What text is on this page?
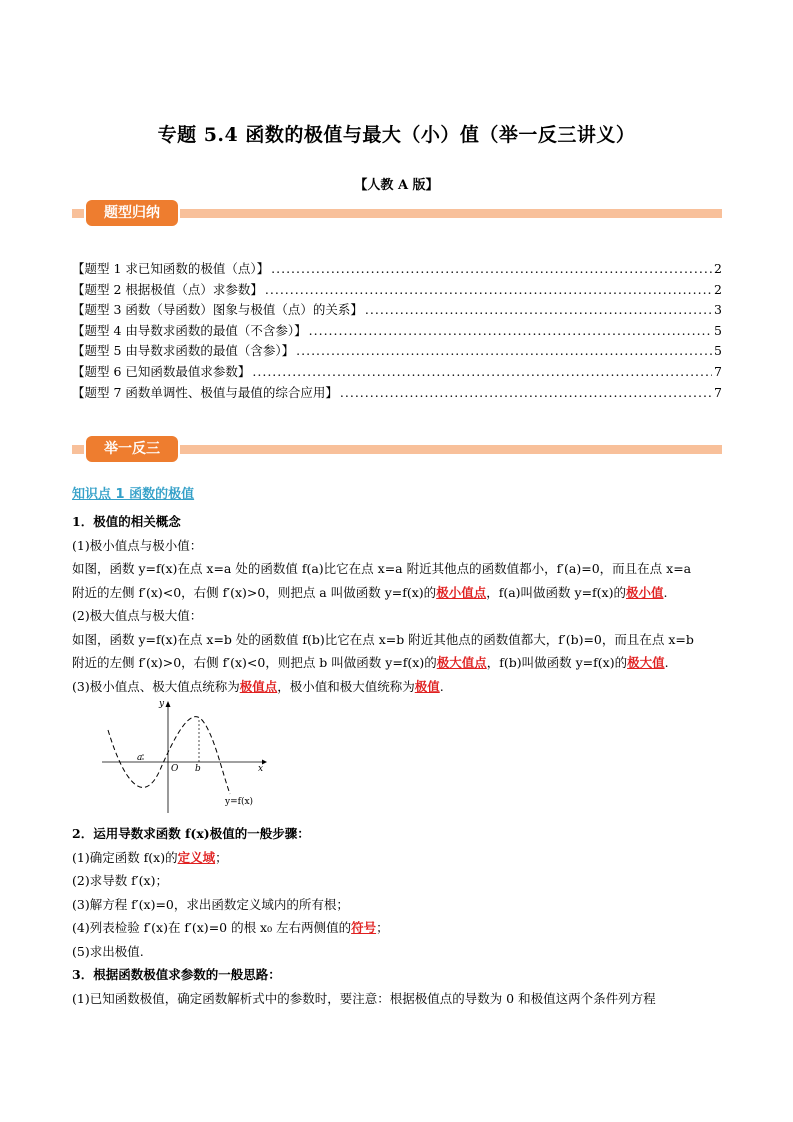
专题 5.4 函数的极值与最大（小）值（举一反三讲义）
【人教 A 版】
题型归纳
【题型 1 求已知函数的极值（点）】 .....	2
【题型 2 根据极值（点）求参数】 .....	2
【题型 3 函数（导函数）图象与极值（点）的关系】 .....	3
【题型 4 由导数求函数的最值（不含参）】 .....	5
【题型 5 由导数求函数的最值（含参）】 .....	5
【题型 6 已知函数最值求参数】 .....	7
【题型 7 函数单调性、极值与最值的综合应用】 .....	7
举一反三
知识点 1 函数的极值

1．极值的相关概念

(1)极小值点与极小值：

如图，函数 y=f(x)在点 x=a 处的函数值 f(a)比它在点 x=a 附近其他点的函数值都小，f′(a)=0，而且在点 x=a

附近的左侧 f′(x)<0，右侧 f′(x)>0，则把点 a 叫做函数 y=f(x)的极小值点，f(a)叫做函数 y=f(x)的极小值.

(2)极大值点与极大值：

如图，函数 y=f(x)在点 x=b 处的函数值 f(b)比它在点 x=b 附近其他点的函数值都大，f′(b)=0，而且在点 x=b

附近的左侧 f′(x)>0，右侧 f′(x)<0，则把点 b 叫做函数 y=f(x)的极大值点，f(b)叫做函数 y=f(x)的极大值.

(3)极小值点、极大值点统称为极值点，极小值和极大值统称为极值.

y
x
O
a
b
y=f(x)

2．运用导数求函数 f(x)极值的一般步骤：

(1)确定函数 f(x)的定义域；

(2)求导数 f′(x)；

(3)解方程 f′(x)=0，求出函数定义域内的所有根；

(4)列表检验 f′(x)在 f′(x)=0 的根 x₀ 左右两侧值的符号；

(5)求出极值.

3．根据函数极值求参数的一般思路：

(1)已知函数极值，确定函数解析式中的参数时，要注意：根据极值点的导数为 0 和极值这两个条件列方程
